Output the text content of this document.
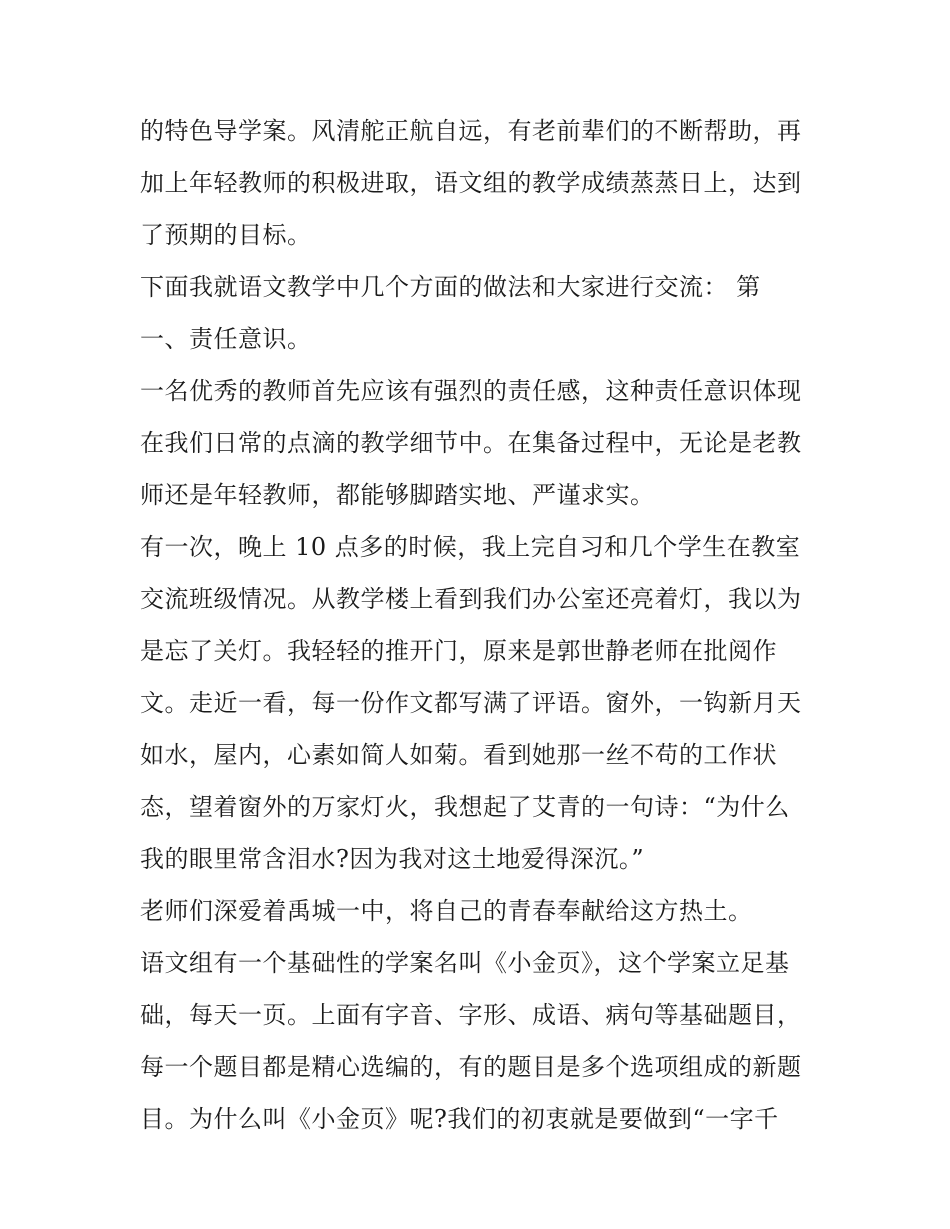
的特色导学案。风清舵正航自远，有老前辈们的不断帮助，再
加上年轻教师的积极进取，语文组的教学成绩蒸蒸日上，达到
了预期的目标。
下面我就语文教学中几个方面的做法和大家进行交流： 第
一、责任意识。
一名优秀的教师首先应该有强烈的责任感，这种责任意识体现
在我们日常的点滴的教学细节中。在集备过程中，无论是老教
师还是年轻教师，都能够脚踏实地、严谨求实。
有一次，晚上 10 点多的时候，我上完自习和几个学生在教室
交流班级情况。从教学楼上看到我们办公室还亮着灯，我以为
是忘了关灯。我轻轻的推开门，原来是郭世静老师在批阅作
文。走近一看，每一份作文都写满了评语。窗外，一钩新月天
如水，屋内，心素如简人如菊。看到她那一丝不苟的工作状
态，望着窗外的万家灯火，我想起了艾青的一句诗：“为什么
我的眼里常含泪水?因为我对这土地爱得深沉。”
老师们深爱着禹城一中，将自己的青春奉献给这方热土。
语文组有一个基础性的学案名叫《小金页》，这个学案立足基
础，每天一页。上面有字音、字形、成语、病句等基础题目，
每一个题目都是精心选编的，有的题目是多个选项组成的新题
目。为什么叫《小金页》呢?我们的初衷就是要做到“一字千
